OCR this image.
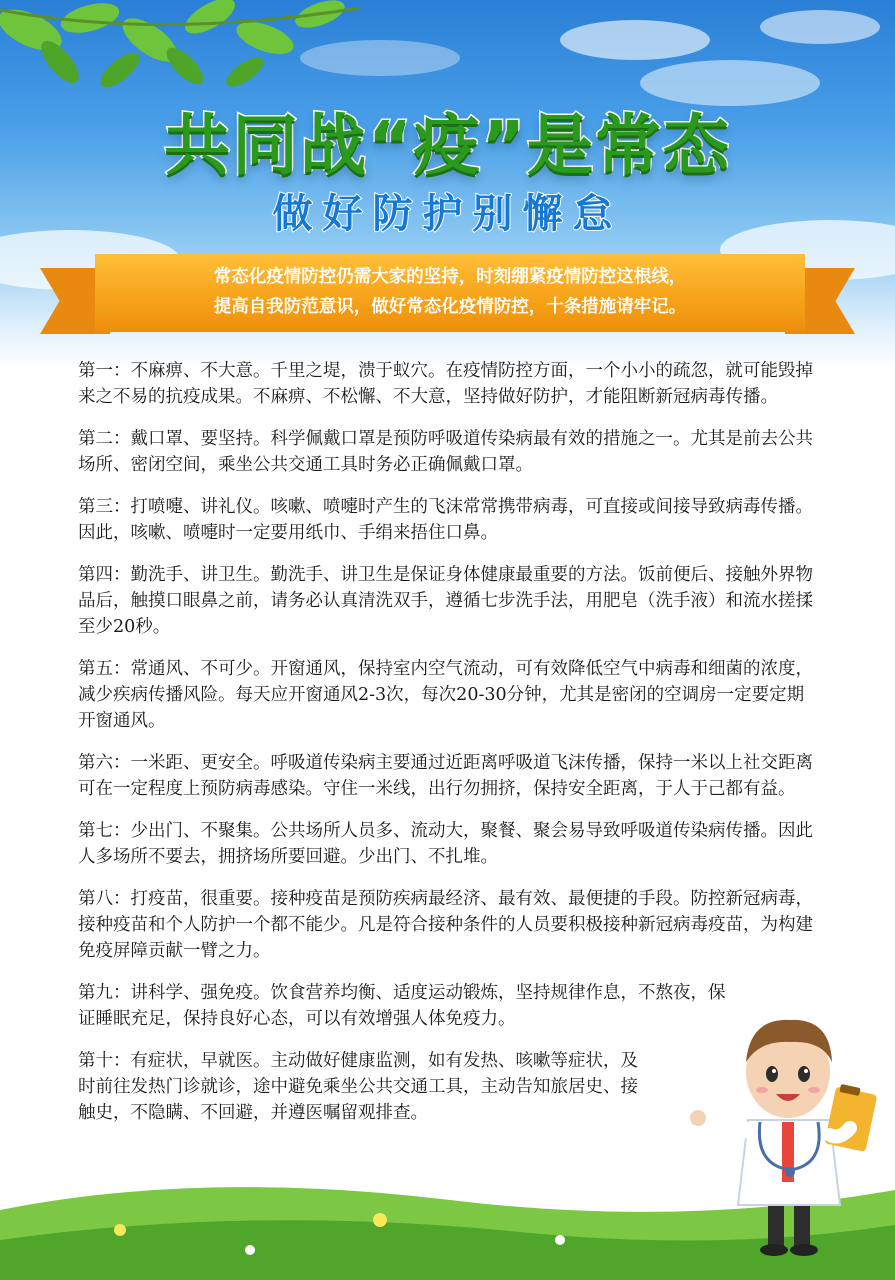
共同战“疫”是常态
做好防护别懈怠
常态化疫情防控仍需大家的坚持，时刻绷紧疫情防控这根线，
提高自我防范意识，做好常态化疫情防控，十条措施请牢记。
第一：不麻痹、不大意。千里之堤，溃于蚁穴。在疫情防控方面，一个小小的疏忽，就可能毁掉来之不易的抗疫成果。不麻痹、不松懈、不大意，坚持做好防护，才能阻断新冠病毒传播。
第二：戴口罩、要坚持。科学佩戴口罩是预防呼吸道传染病最有效的措施之一。尤其是前去公共场所、密闭空间，乘坐公共交通工具时务必正确佩戴口罩。
第三：打喷嚏、讲礼仪。咳嗽、喷嚏时产生的飞沫常常携带病毒，可直接或间接导致病毒传播。因此，咳嗽、喷嚏时一定要用纸巾、手绢来捂住口鼻。
第四：勤洗手、讲卫生。勤洗手、讲卫生是保证身体健康最重要的方法。饭前便后、接触外界物品后，触摸口眼鼻之前，请务必认真清洗双手，遵循七步洗手法，用肥皂（洗手液）和流水搓揉至少20秒。
第五：常通风、不可少。开窗通风，保持室内空气流动，可有效降低空气中病毒和细菌的浓度，减少疾病传播风险。每天应开窗通风2-3次，每次20-30分钟，尤其是密闭的空调房一定要定期开窗通风。
第六：一米距、更安全。呼吸道传染病主要通过近距离呼吸道飞沫传播，保持一米以上社交距离可在一定程度上预防病毒感染。守住一米线，出行勿拥挤，保持安全距离，于人于己都有益。
第七：少出门、不聚集。公共场所人员多、流动大，聚餐、聚会易导致呼吸道传染病传播。因此人多场所不要去，拥挤场所要回避。少出门、不扎堆。
第八：打疫苗，很重要。接种疫苗是预防疾病最经济、最有效、最便捷的手段。防控新冠病毒，接种疫苗和个人防护一个都不能少。凡是符合接种条件的人员要积极接种新冠病毒疫苗，为构建免疫屏障贡献一臂之力。
第九：讲科学、强免疫。饮食营养均衡、适度运动锻炼，坚持规律作息，不熬夜，保证睡眠充足，保持良好心态，可以有效增强人体免疫力。
第十：有症状，早就医。主动做好健康监测，如有发热、咳嗽等症状，及时前往发热门诊就诊，途中避免乘坐公共交通工具，主动告知旅居史、接触史，不隐瞒、不回避，并遵医嘱留观排查。
